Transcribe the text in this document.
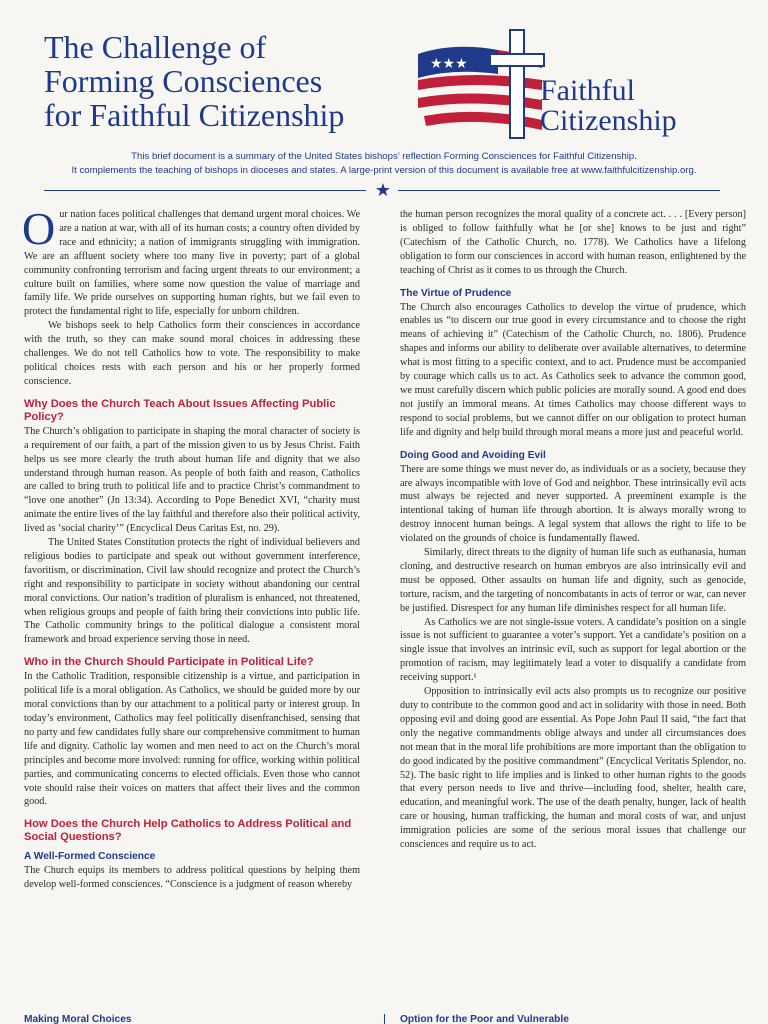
The Challenge of
Forming Consciences
for Faithful Citizenship
★★★
Faithful
Citizenship

This brief document is a summary of the United States bishops’ reflection Forming Consciences for Faithful Citizenship.

It complements the teaching of bishops in dioceses and states. A large-print version of this document is available free at www.faithfulcitizenship.org.

★

Our nation faces political challenges that demand urgent moral choices. We are a nation at war, with all of its human costs; a country often divided by race and ethnicity; a nation of immigrants struggling with immigration. We are an affluent society where too many live in poverty; part of a global community confronting terrorism and facing urgent threats to our environment; a culture built on families, where some now question the value of marriage and family life. We pride ourselves on supporting human rights, but we fail even to protect the fundamental right to life, especially for unborn children.

We bishops seek to help Catholics form their consciences in accordance with the truth, so they can make sound moral choices in addressing these challenges. We do not tell Catholics how to vote. The responsibility to make political choices rests with each person and his or her properly formed conscience.

Why Does the Church Teach About Issues Affecting Public Policy?

The Church’s obligation to participate in shaping the moral character of society is a requirement of our faith, a part of the mission given to us by Jesus Christ. Faith helps us see more clearly the truth about human life and dignity that we also understand through human reason. As people of both faith and reason, Catholics are called to bring truth to political life and to practice Christ’s commandment to “love one another” (Jn 13:34). According to Pope Benedict XVI, “charity must animate the entire lives of the lay faithful and therefore also their political activity, lived as ‘social charity’” (Encyclical Deus Caritas Est, no. 29).

The United States Constitution protects the right of individual believers and religious bodies to participate and speak out without government interference, favoritism, or discrimination. Civil law should recognize and protect the Church’s right and responsibility to participate in society without abandoning our central moral convictions. Our nation’s tradition of pluralism is enhanced, not threatened, when religious groups and people of faith bring their convictions into public life. The Catholic community brings to the political dialogue a consistent moral framework and broad experience serving those in need.

Who in the Church Should Participate in Political Life?

In the Catholic Tradition, responsible citizenship is a virtue, and participation in political life is a moral obligation. As Catholics, we should be guided more by our moral convictions than by our attachment to a political party or interest group. In today’s environment, Catholics may feel politically disenfranchised, sensing that no party and few candidates fully share our comprehensive commitment to human life and dignity. Catholic lay women and men need to act on the Church’s moral principles and become more involved: running for office, working within political parties, and communicating concerns to elected officials. Even those who cannot vote should raise their voices on matters that affect their lives and the common good.

How Does the Church Help Catholics to Address Political and Social Questions?
A Well-Formed Conscience

The Church equips its members to address political questions by helping them develop well-formed consciences. “Conscience is a judgment of reason whereby

the human person recognizes the moral quality of a concrete act. . . . [Every person] is obliged to follow faithfully what he [or she] knows to be just and right” (Catechism of the Catholic Church, no. 1778). We Catholics have a lifelong obligation to form our consciences in accord with human reason, enlightened by the teaching of Christ as it comes to us through the Church.

The Virtue of Prudence

The Church also encourages Catholics to develop the virtue of prudence, which enables us “to discern our true good in every circumstance and to choose the right means of achieving it” (Catechism of the Catholic Church, no. 1806). Prudence shapes and informs our ability to deliberate over available alternatives, to determine what is most fitting to a specific context, and to act. Prudence must be accompanied by courage which calls us to act. As Catholics seek to advance the common good, we must carefully discern which public policies are morally sound. A good end does not justify an immoral means. At times Catholics may choose different ways to respond to social problems, but we cannot differ on our obligation to protect human life and dignity and help build through moral means a more just and peaceful world.

Doing Good and Avoiding Evil

There are some things we must never do, as individuals or as a society, because they are always incompatible with love of God and neighbor. These intrinsically evil acts must always be rejected and never supported. A preeminent example is the intentional taking of human life through abortion. It is always morally wrong to destroy innocent human beings. A legal system that allows the right to life to be violated on the grounds of choice is fundamentally flawed.

Similarly, direct threats to the dignity of human life such as euthanasia, human cloning, and destructive research on human embryos are also intrinsically evil and must be opposed. Other assaults on human life and dignity, such as genocide, torture, racism, and the targeting of noncombatants in acts of terror or war, can never be justified. Disrespect for any human life diminishes respect for all human life.

As Catholics we are not single-issue voters. A candidate’s position on a single issue is not sufficient to guarantee a voter’s support. Yet a candidate’s position on a single issue that involves an intrinsic evil, such as support for legal abortion or the promotion of racism, may legitimately lead a voter to disqualify a candidate from receiving support.¹

Opposition to intrinsically evil acts also prompts us to recognize our positive duty to contribute to the common good and act in solidarity with those in need. Both opposing evil and doing good are essential. As Pope John Paul II said, “the fact that only the negative commandments oblige always and under all circumstances does not mean that in the moral life prohibitions are more important than the obligation to do good indicated by the positive commandment” (Encyclical Veritatis Splendor, no. 52). The basic right to life implies and is linked to other human rights to the goods that every person needs to live and thrive—including food, shelter, health care, education, and meaningful work. The use of the death penalty, hunger, lack of health care or housing, human trafficking, the human and moral costs of war, and unjust immigration policies are some of the serious moral issues that challenge our consciences and require us to act.

Making Moral Choices	Option for the Poor and Vulnerable
